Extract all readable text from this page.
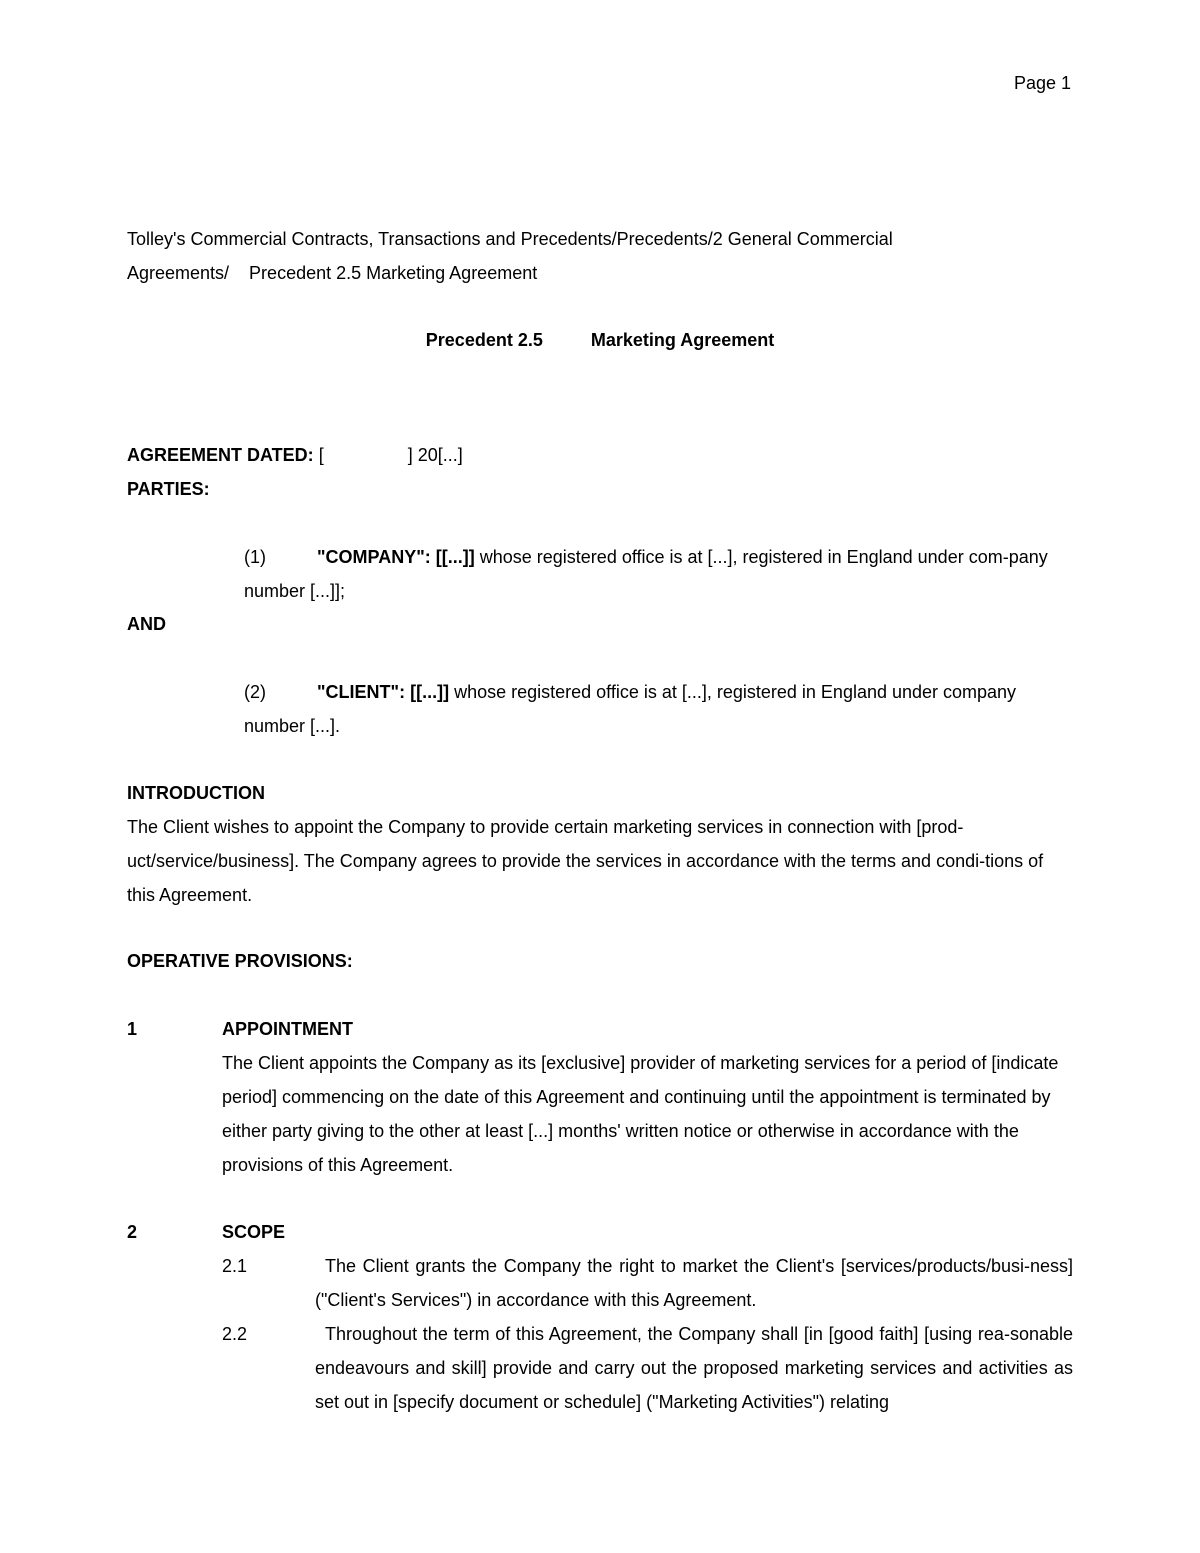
Page 1
Tolley's Commercial Contracts, Transactions and Precedents/Precedents/2 General Commercial
Agreements/    Precedent 2.5 Marketing Agreement
Precedent 2.5	Marketing Agreement
AGREEMENT DATED: [	] 20[...]
PARTIES:
(1)	"COMPANY": [[...]] whose registered office is at [...], registered in England under com-pany number [...]];
AND
(2)	"CLIENT": [[...]] whose registered office is at [...], registered in England under company number [...].
INTRODUCTION
The Client wishes to appoint the Company to provide certain marketing services in connection with [prod-uct/service/business]. The Company agrees to provide the services in accordance with the terms and condi-tions of this Agreement.
OPERATIVE PROVISIONS:
1	APPOINTMENT
The Client appoints the Company as its [exclusive] provider of marketing services for a period of [indicate period] commencing on the date of this Agreement and continuing until the appointment is terminated by either party giving to the other at least [...] months' written notice or otherwise in accordance with the provisions of this Agreement.
2	SCOPE
2.1	The Client grants the Company the right to market the Client's [services/products/busi-ness] ("Client's Services") in accordance with this Agreement.
2.2	Throughout the term of this Agreement, the Company shall [in [good faith] [using rea-sonable endeavours and skill] provide and carry out the proposed marketing services and activities as set out in [specify document or schedule] ("Marketing Activities") relating
